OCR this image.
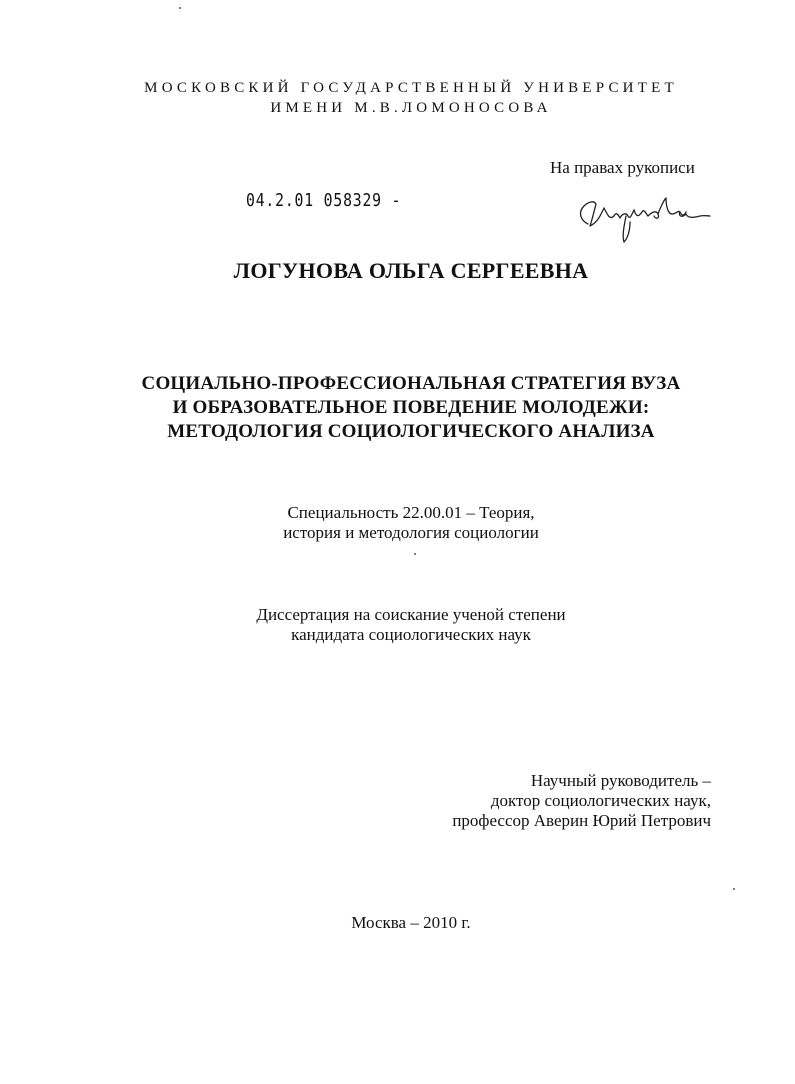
МОСКОВСКИЙ ГОСУДАРСТВЕННЫЙ УНИВЕРСИТЕТ
ИМЕНИ М.В.ЛОМОНОСОВА
На правах рукописи
04.2.01 058329 -
ЛОГУНОВА ОЛЬГА СЕРГЕЕВНА
СОЦИАЛЬНО-ПРОФЕССИОНАЛЬНАЯ СТРАТЕГИЯ ВУЗА
И ОБРАЗОВАТЕЛЬНОЕ ПОВЕДЕНИЕ МОЛОДЕЖИ:
МЕТОДОЛОГИЯ СОЦИОЛОГИЧЕСКОГО АНАЛИЗА
Специальность 22.00.01 – Теория,
история и методология социологии
Диссертация на соискание ученой степени
кандидата социологических наук
Научный руководитель –
доктор социологических наук,
профессор Аверин Юрий Петрович
Москва – 2010 г.
